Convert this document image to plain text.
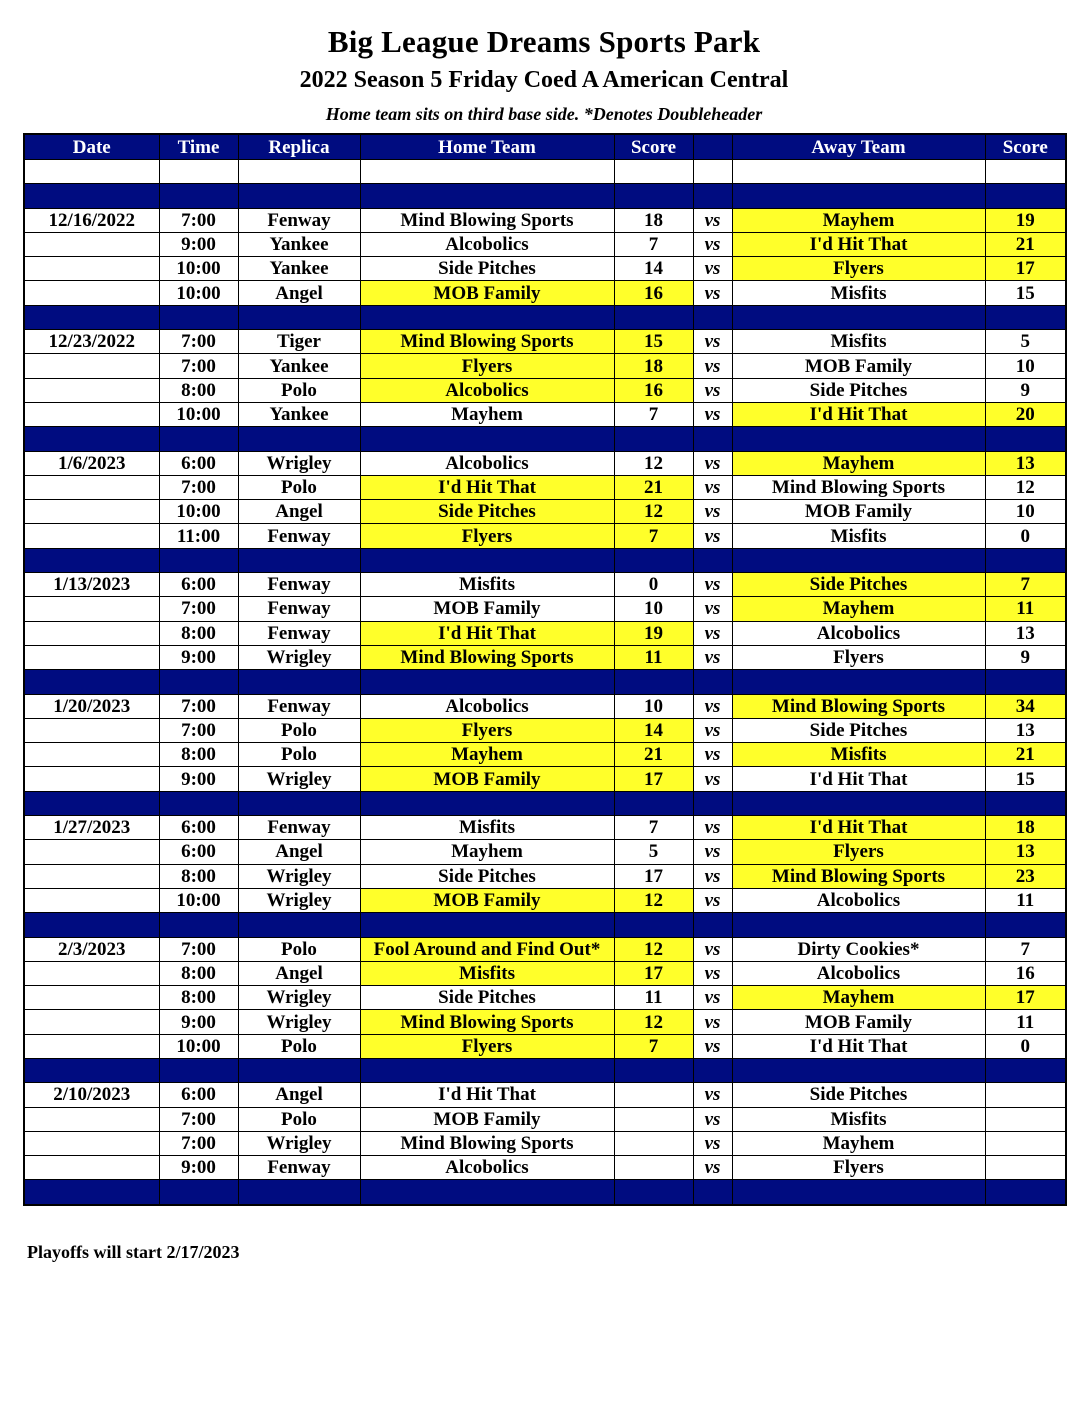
Big League Dreams Sports Park
2022 Season 5 Friday Coed A American Central
Home team sits on third base side. *Denotes Doubleheader
Date	Time	Replica	Home Team	Score		Away Team	Score

12/16/2022	7:00	Fenway	Mind Blowing Sports	18	vs	Mayhem	19
	9:00	Yankee	Alcobolics	7	vs	I'd Hit That	21
	10:00	Yankee	Side Pitches	14	vs	Flyers	17
	10:00	Angel	MOB Family	16	vs	Misfits	15

12/23/2022	7:00	Tiger	Mind Blowing Sports	15	vs	Misfits	5
	7:00	Yankee	Flyers	18	vs	MOB Family	10
	8:00	Polo	Alcobolics	16	vs	Side Pitches	9
	10:00	Yankee	Mayhem	7	vs	I'd Hit That	20

1/6/2023	6:00	Wrigley	Alcobolics	12	vs	Mayhem	13
	7:00	Polo	I'd Hit That	21	vs	Mind Blowing Sports	12
	10:00	Angel	Side Pitches	12	vs	MOB Family	10
	11:00	Fenway	Flyers	7	vs	Misfits	0

1/13/2023	6:00	Fenway	Misfits	0	vs	Side Pitches	7
	7:00	Fenway	MOB Family	10	vs	Mayhem	11
	8:00	Fenway	I'd Hit That	19	vs	Alcobolics	13
	9:00	Wrigley	Mind Blowing Sports	11	vs	Flyers	9

1/20/2023	7:00	Fenway	Alcobolics	10	vs	Mind Blowing Sports	34
	7:00	Polo	Flyers	14	vs	Side Pitches	13
	8:00	Polo	Mayhem	21	vs	Misfits	21
	9:00	Wrigley	MOB Family	17	vs	I'd Hit That	15

1/27/2023	6:00	Fenway	Misfits	7	vs	I'd Hit That	18
	6:00	Angel	Mayhem	5	vs	Flyers	13
	8:00	Wrigley	Side Pitches	17	vs	Mind Blowing Sports	23
	10:00	Wrigley	MOB Family	12	vs	Alcobolics	11

2/3/2023	7:00	Polo	Fool Around and Find Out*	12	vs	Dirty Cookies*	7
	8:00	Angel	Misfits	17	vs	Alcobolics	16
	8:00	Wrigley	Side Pitches	11	vs	Mayhem	17
	9:00	Wrigley	Mind Blowing Sports	12	vs	MOB Family	11
	10:00	Polo	Flyers	7	vs	I'd Hit That	0

2/10/2023	6:00	Angel	I'd Hit That		vs	Side Pitches	
	7:00	Polo	MOB Family		vs	Misfits	
	7:00	Wrigley	Mind Blowing Sports		vs	Mayhem	
	9:00	Fenway	Alcobolics		vs	Flyers	

Playoffs will start 2/17/2023
